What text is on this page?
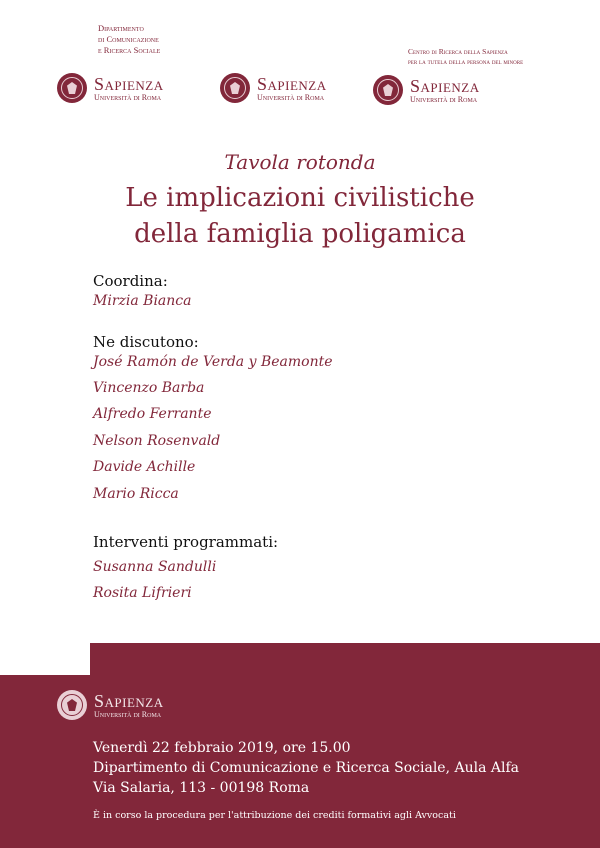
Dipartimento
di Comunicazione
e Ricerca Sociale	Centro di Ricerca della Sapienza
per la tutela della persona del minore
Sapienza
Università di Roma
Sapienza
Università di Roma
Sapienza
Università di Roma
Tavola rotonda
Le implicazioni civilistiche
della famiglia poligamica
Coordina:
Mirzia Bianca
Ne discutono:
José Ramón de Verda y Beamonte
Vincenzo Barba
Alfredo Ferrante
Nelson Rosenvald
Davide Achille
Mario Ricca
Interventi programmati:
Susanna Sandulli
Rosita Lifrieri
Sapienza
Università di Roma
Venerdì 22 febbraio 2019, ore 15.00
Dipartimento di Comunicazione e Ricerca Sociale, Aula Alfa
Via Salaria, 113 - 00198 Roma
È in corso la procedura per l'attribuzione dei crediti formativi agli Avvocati
